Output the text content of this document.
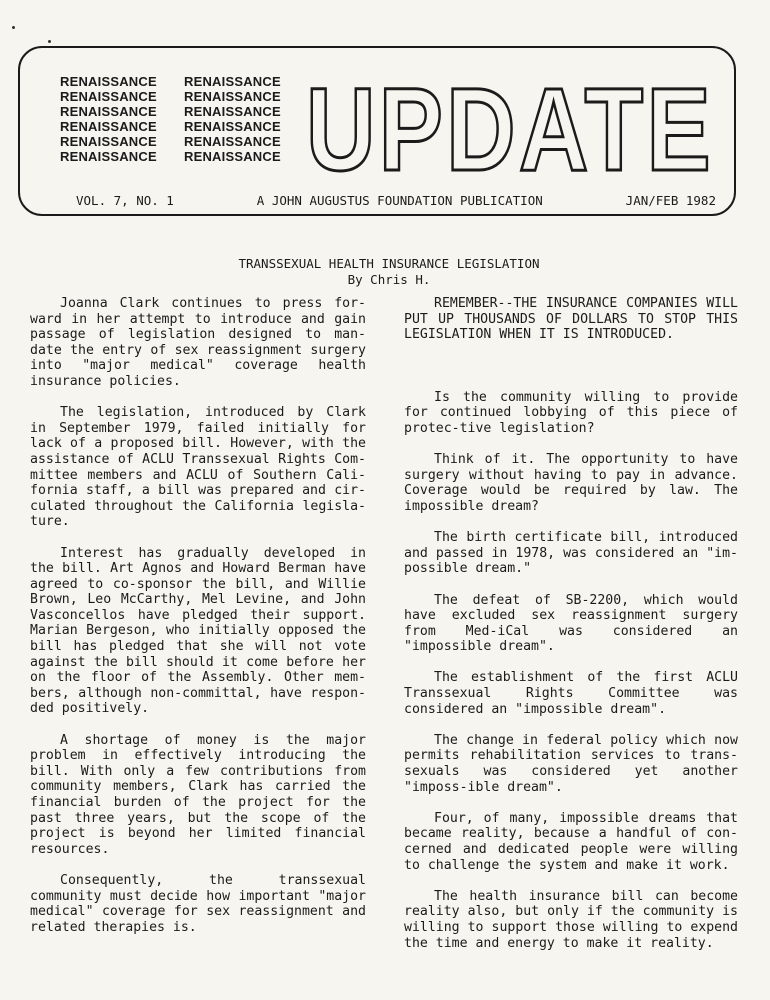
RENAISSANCE	RENAISSANCE
RENAISSANCE	RENAISSANCE
RENAISSANCE	RENAISSANCE
RENAISSANCE	RENAISSANCE
RENAISSANCE	RENAISSANCE
RENAISSANCE	RENAISSANCE UPDATE
VOL. 7, NO. 1	A JOHN AUGUSTUS FOUNDATION PUBLICATION	JAN/FEB 1982
TRANSSEXUAL HEALTH INSURANCE LEGISLATION
By Chris H.

Joanna Clark continues to press for-ward in her attempt to introduce and gain passage of legislation designed to man-date the entry of sex reassignment surgery into "major medical" coverage health insurance policies.

The legislation, introduced by Clark in September 1979, failed initially for lack of a proposed bill. However, with the assistance of ACLU Transsexual Rights Com-mittee members and ACLU of Southern Cali-fornia staff, a bill was prepared and cir-culated throughout the California legisla-ture.

Interest has gradually developed in the bill. Art Agnos and Howard Berman have agreed to co-sponsor the bill, and Willie Brown, Leo McCarthy, Mel Levine, and John Vasconcellos have pledged their support. Marian Bergeson, who initially opposed the bill has pledged that she will not vote against the bill should it come before her on the floor of the Assembly. Other mem-bers, although non-committal, have respon-ded positively.

A shortage of money is the major problem in effectively introducing the bill. With only a few contributions from community members, Clark has carried the financial burden of the project for the past three years, but the scope of the project is beyond her limited financial resources.

Consequently, the transsexual community must decide how important "major medical" coverage for sex reassignment and related therapies is.

REMEMBER--THE INSURANCE COMPANIES WILL PUT UP THOUSANDS OF DOLLARS TO STOP THIS LEGISLATION WHEN IT IS INTRODUCED.

Is the community willing to provide for continued lobbying of this piece of protec-tive legislation?

Think of it. The opportunity to have surgery without having to pay in advance. Coverage would be required by law. The impossible dream?

The birth certificate bill, introduced and passed in 1978, was considered an "im-possible dream."

The defeat of SB-2200, which would have excluded sex reassignment surgery from Med-iCal was considered an "impossible dream".

The establishment of the first ACLU Transsexual Rights Committee was considered an "impossible dream".

The change in federal policy which now permits rehabilitation services to trans-sexuals was considered yet another "imposs-ible dream".

Four, of many, impossible dreams that became reality, because a handful of con-cerned and dedicated people were willing to challenge the system and make it work.

The health insurance bill can become reality also, but only if the community is willing to support those willing to expend the time and energy to make it reality.
